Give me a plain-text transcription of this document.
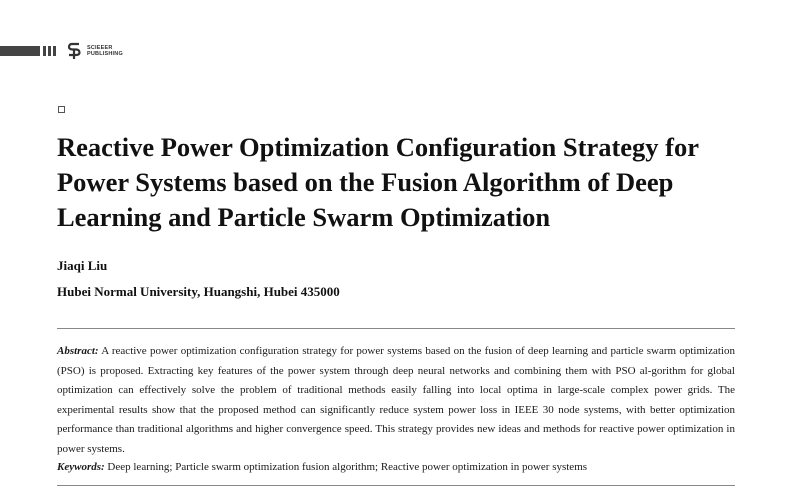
SCIEEER
PUBLISHING
Reactive Power Optimization Configuration Strategy for
Power Systems based on the Fusion Algorithm of Deep
Learning and Particle Swarm Optimization
Jiaqi Liu
Hubei Normal University, Huangshi, Hubei 435000

Abstract: A reactive power optimization configuration strategy for power systems based on the fusion of deep learning and particle swarm optimization (PSO) is proposed. Extracting key features of the power system through deep neural networks and combining them with PSO al-gorithm for global optimization can effectively solve the problem of traditional methods easily falling into local optima in large-scale complex power grids. The experimental results show that the proposed method can significantly reduce system power loss in IEEE 30 node systems, with better optimization performance than traditional algorithms and higher convergence speed. This strategy provides new ideas and methods for reactive power optimization in power systems.

Keywords: Deep learning; Particle swarm optimization fusion algorithm; Reactive power optimization in power systems
